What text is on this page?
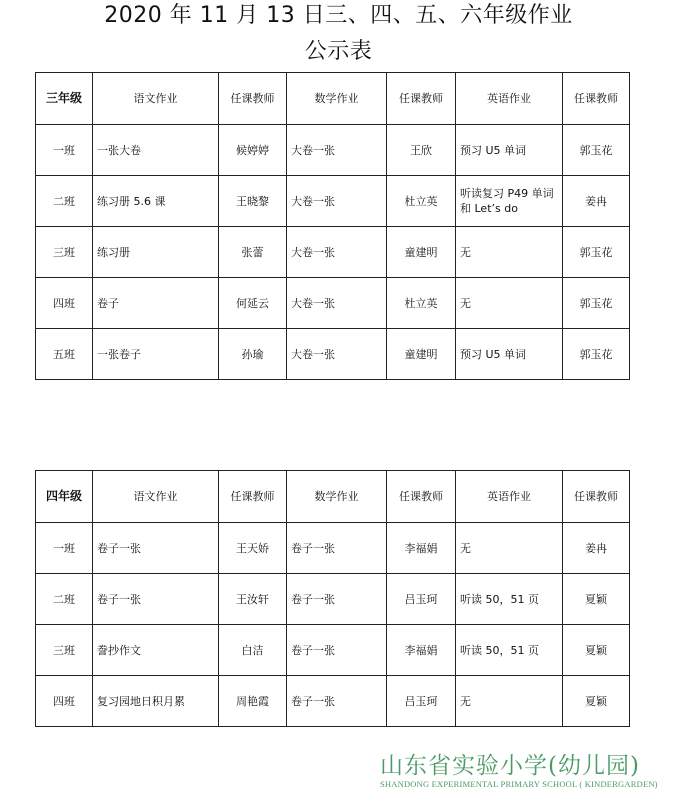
2020 年 11 月 13 日三、四、五、六年级作业
公示表
三年级	语文作业	任课教师	数学作业	任课教师	英语作业	任课教师
一班	一张大卷	候婷婷	大卷一张	王欣	预习 U5 单词	郭玉花
二班	练习册 5.6 课	王晓黎	大卷一张	杜立英	听读复习 P49 单词和 Let’s do	姜冉
三班	练习册	张蕾	大卷一张	童建明	无	郭玉花
四班	卷子	何延云	大卷一张	杜立英	无	郭玉花
五班	一张卷子	孙瑜	大卷一张	童建明	预习 U5 单词	郭玉花
四年级	语文作业	任课教师	数学作业	任课教师	英语作业	任课教师
一班	卷子一张	王天娇	卷子一张	李福娟	无	姜冉
二班	卷子一张	王汝轩	卷子一张	吕玉珂	听读 50，51 页	夏颖
三班	誊抄作文	白洁	卷子一张	李福娟	听读 50，51 页	夏颖
四班	复习园地日积月累	周艳霞	卷子一张	吕玉珂	无	夏颖
山东省实验小学(幼儿园)
SHANDONG EXPERIMENTAL PRIMARY SCHOOL ( KINDERGARDEN)
